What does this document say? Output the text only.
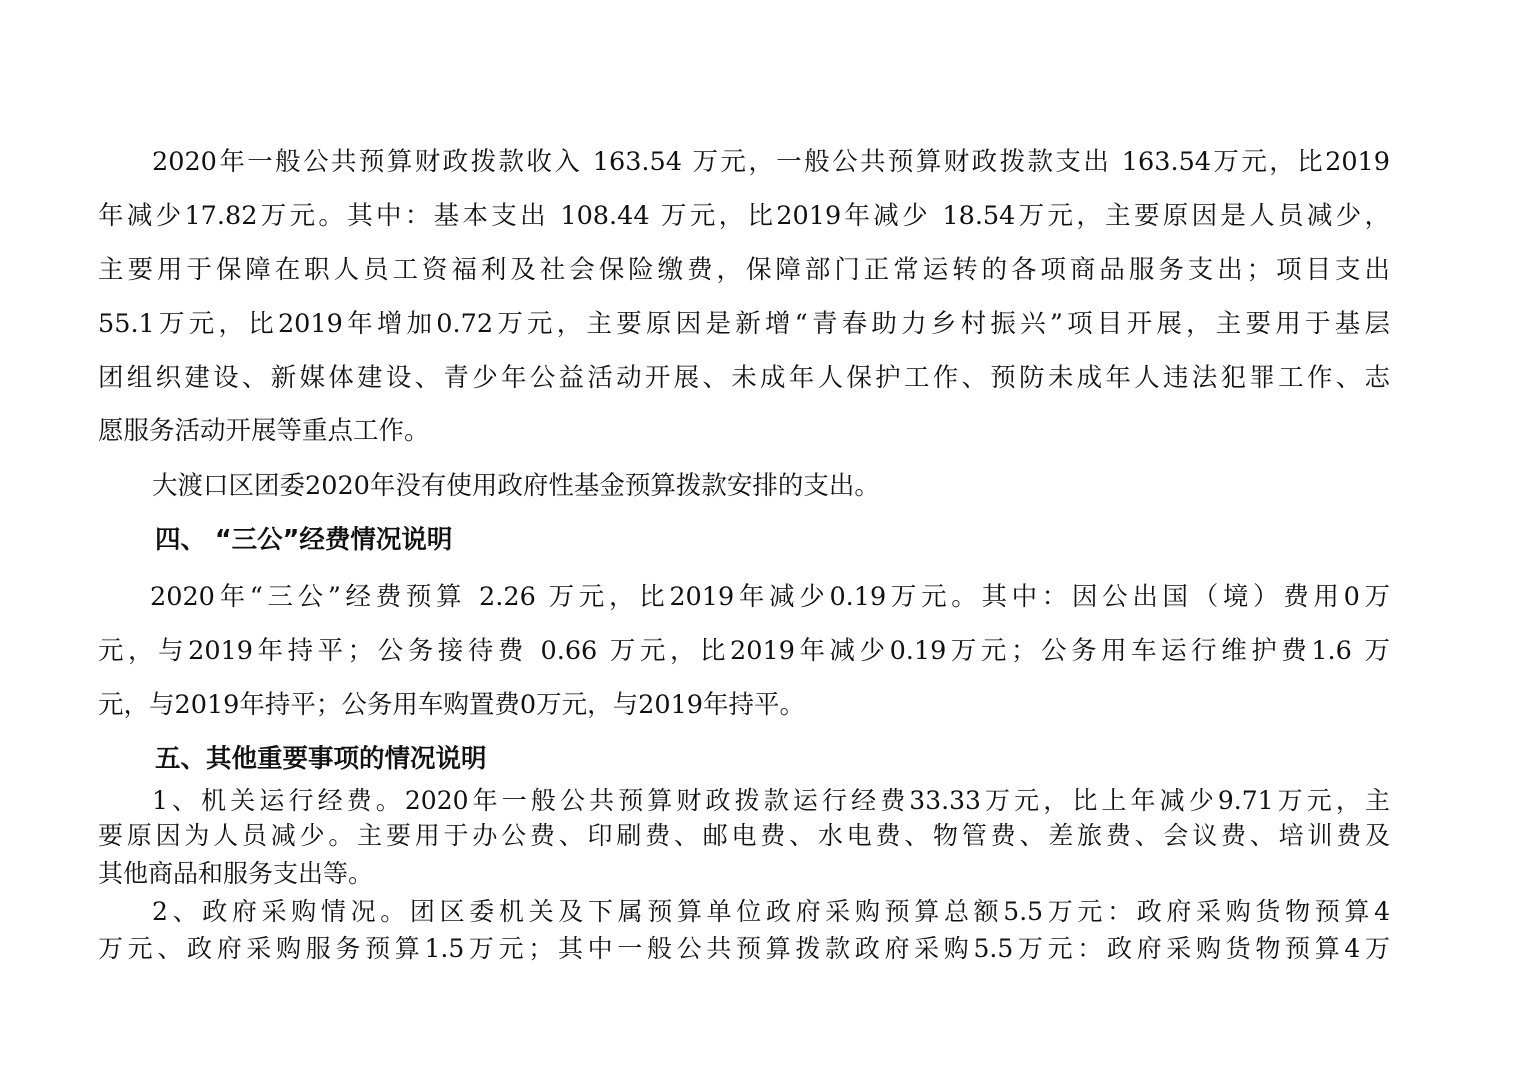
2020年一般公共预算财政拨款收入 163.54 万元，一般公共预算财政拨款支出 163.54万元，比2019
年减少17.82万元。其中：基本支出 108.44 万元，比2019年减少 18.54万元，主要原因是人员减少，
主要用于保障在职人员工资福利及社会保险缴费，保障部门正常运转的各项商品服务支出；项目支出
55.1万元，比2019年增加0.72万元，主要原因是新增“青春助力乡村振兴”项目开展，主要用于基层
团组织建设、新媒体建设、青少年公益活动开展、未成年人保护工作、预防未成年人违法犯罪工作、志
愿服务活动开展等重点工作。
大渡口区团委2020年没有使用政府性基金预算拨款安排的支出。
四、 “三公”经费情况说明
2020年“三公”经费预算 2.26 万元，比2019年减少0.19万元。其中：因公出国（境）费用0万
元，与2019年持平；公务接待费 0.66 万元，比2019年减少0.19万元；公务用车运行维护费1.6 万
元，与2019年持平；公务用车购置费0万元，与2019年持平。
五、其他重要事项的情况说明
1、机关运行经费。2020年一般公共预算财政拨款运行经费33.33万元，比上年减少9.71万元，主
要原因为人员减少。主要用于办公费、印刷费、邮电费、水电费、物管费、差旅费、会议费、培训费及
其他商品和服务支出等。
2、政府采购情况。团区委机关及下属预算单位政府采购预算总额5.5万元：政府采购货物预算4
万元、政府采购服务预算1.5万元；其中一般公共预算拨款政府采购5.5万元：政府采购货物预算4万
